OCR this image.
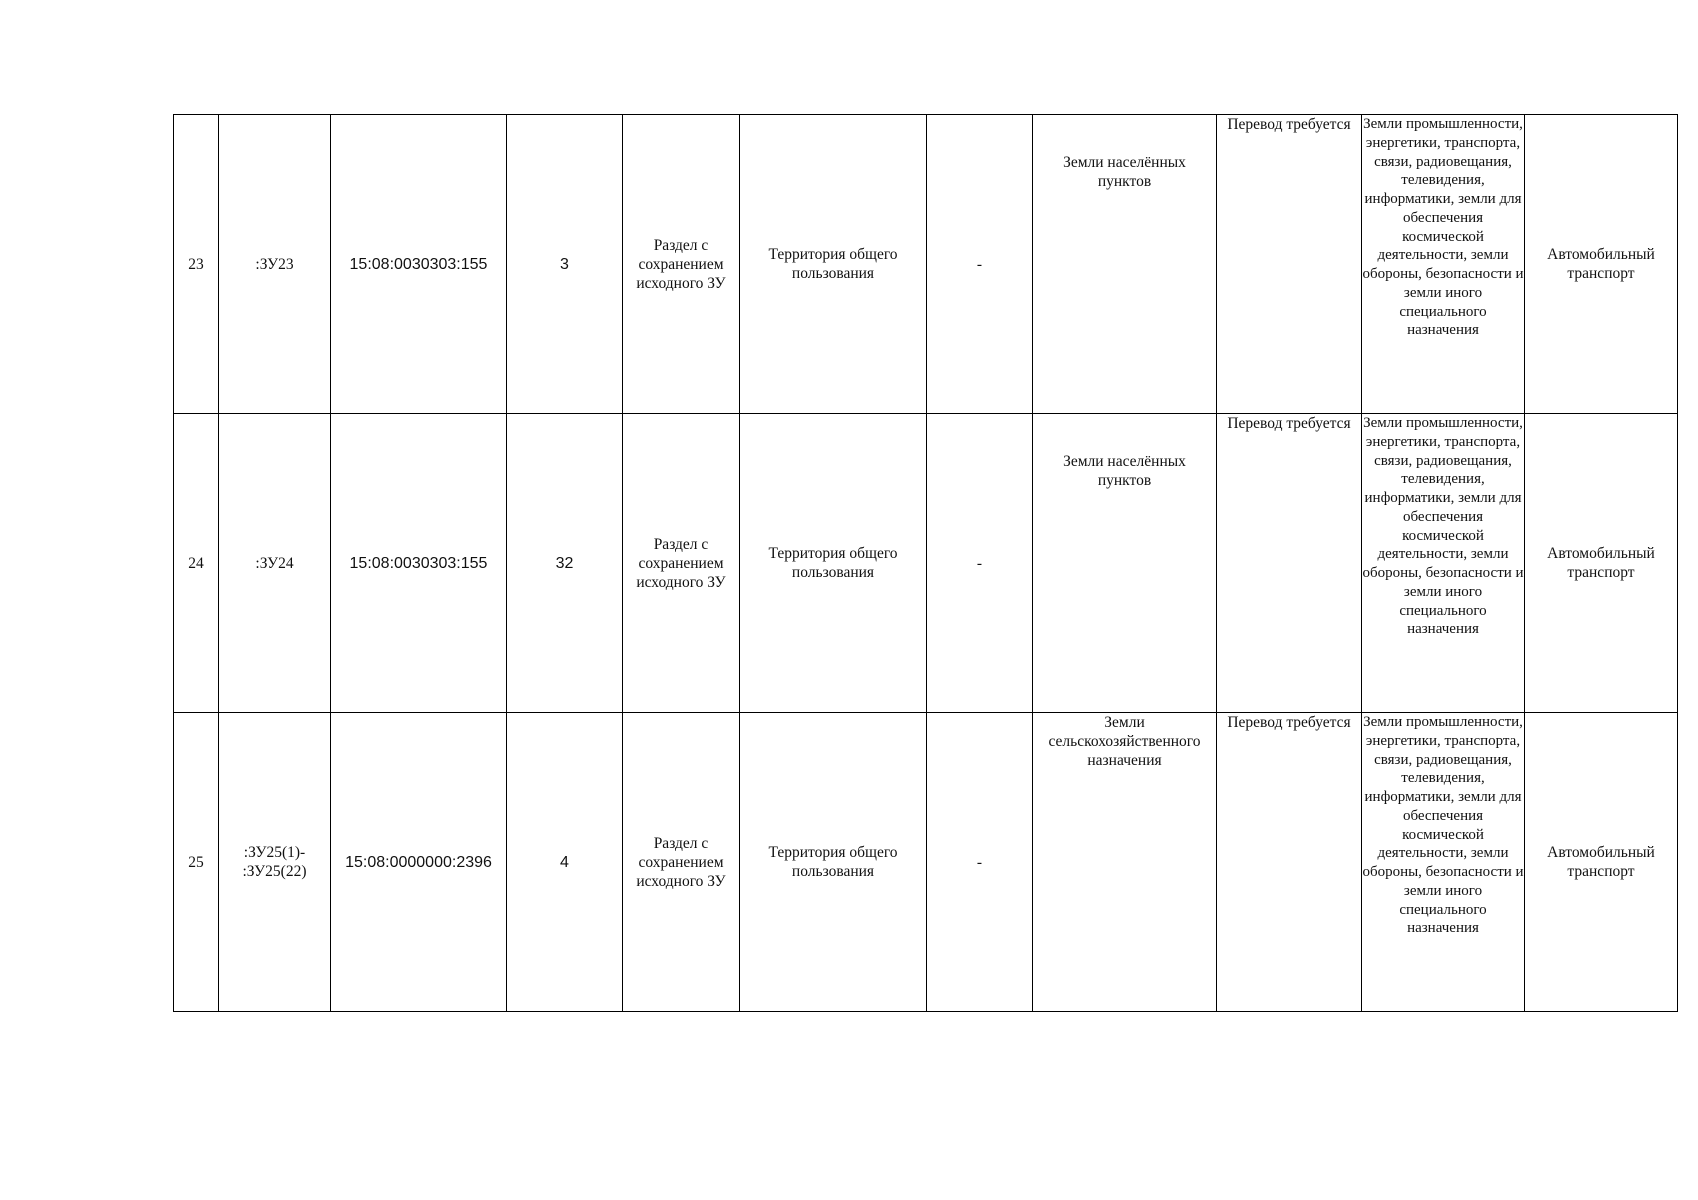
23	:ЗУ23	15:08:0030303:155	3	Раздел с сохранением исходного ЗУ	Территория общего пользования	-	Земли населённых пунктов	Перевод требуется	Земли промышленности, энергетики, транспорта, связи, радиовещания, телевидения, информатики, земли для обеспечения космической деятельности, земли обороны, безопасности и земли иного специального назначения	Автомобильный транспорт
24	:ЗУ24	15:08:0030303:155	32	Раздел с сохранением исходного ЗУ	Территория общего пользования	-	Земли населённых пунктов	Перевод требуется	Земли промышленности, энергетики, транспорта, связи, радиовещания, телевидения, информатики, земли для обеспечения космической деятельности, земли обороны, безопасности и земли иного специального назначения	Автомобильный транспорт
25	:ЗУ25(1)- :ЗУ25(22)	15:08:0000000:2396	4	Раздел с сохранением исходного ЗУ	Территория общего пользования	-	Земли сельскохозяйственного назначения	Перевод требуется	Земли промышленности, энергетики, транспорта, связи, радиовещания, телевидения, информатики, земли для обеспечения космической деятельности, земли обороны, безопасности и земли иного специального назначения	Автомобильный транспорт
